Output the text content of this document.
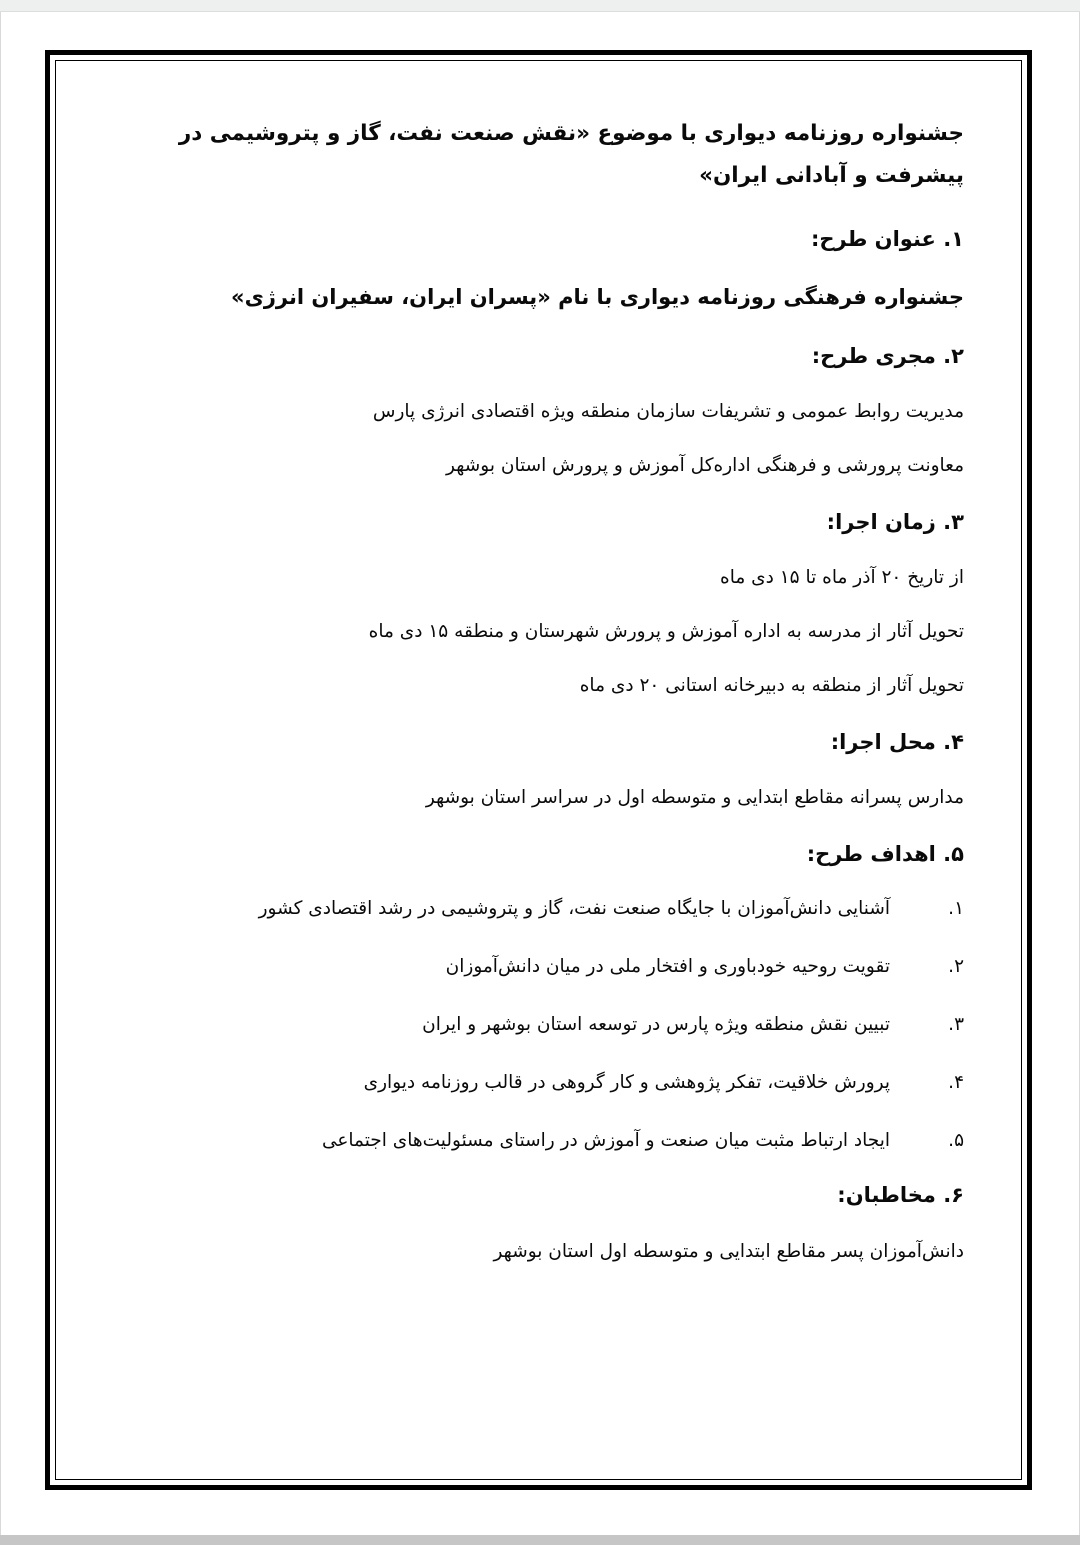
جشنواره روزنامه دیواری با موضوع «نقش صنعت نفت، گاز و پتروشیمی در پیشرفت و آبادانی ایران»

۱. عنوان طرح:

جشنواره فرهنگی روزنامه دیواری با نام «پسران ایران، سفیران انرژی»

۲. مجری طرح:

مدیریت روابط عمومی و تشریفات سازمان منطقه ویژه اقتصادی انرژی پارس

معاونت پرورشی و فرهنگی اداره‌کل آموزش و پرورش استان بوشهر

۳. زمان اجرا:

از تاریخ ۲۰ آذر ماه تا ۱۵ دی ماه

تحویل آثار از مدرسه به اداره آموزش و پرورش شهرستان و منطقه ۱۵ دی ماه

تحویل آثار از منطقه به دبیرخانه استانی ۲۰ دی ماه

۴. محل اجرا:

مدارس پسرانه مقاطع ابتدایی و متوسطه اول در سراسر استان بوشهر

۵. اهداف طرح:

۱.
آشنایی دانش‌آموزان با جایگاه صنعت نفت، گاز و پتروشیمی در رشد اقتصادی کشور
۲.
تقویت روحیه خودباوری و افتخار ملی در میان دانش‌آموزان
۳.
تبیین نقش منطقه ویژه پارس در توسعه استان بوشهر و ایران
۴.
پرورش خلاقیت، تفکر پژوهشی و کار گروهی در قالب روزنامه دیواری
۵.
ایجاد ارتباط مثبت میان صنعت و آموزش در راستای مسئولیت‌های اجتماعی

۶. مخاطبان:

دانش‌آموزان پسر مقاطع ابتدایی و متوسطه اول استان بوشهر
